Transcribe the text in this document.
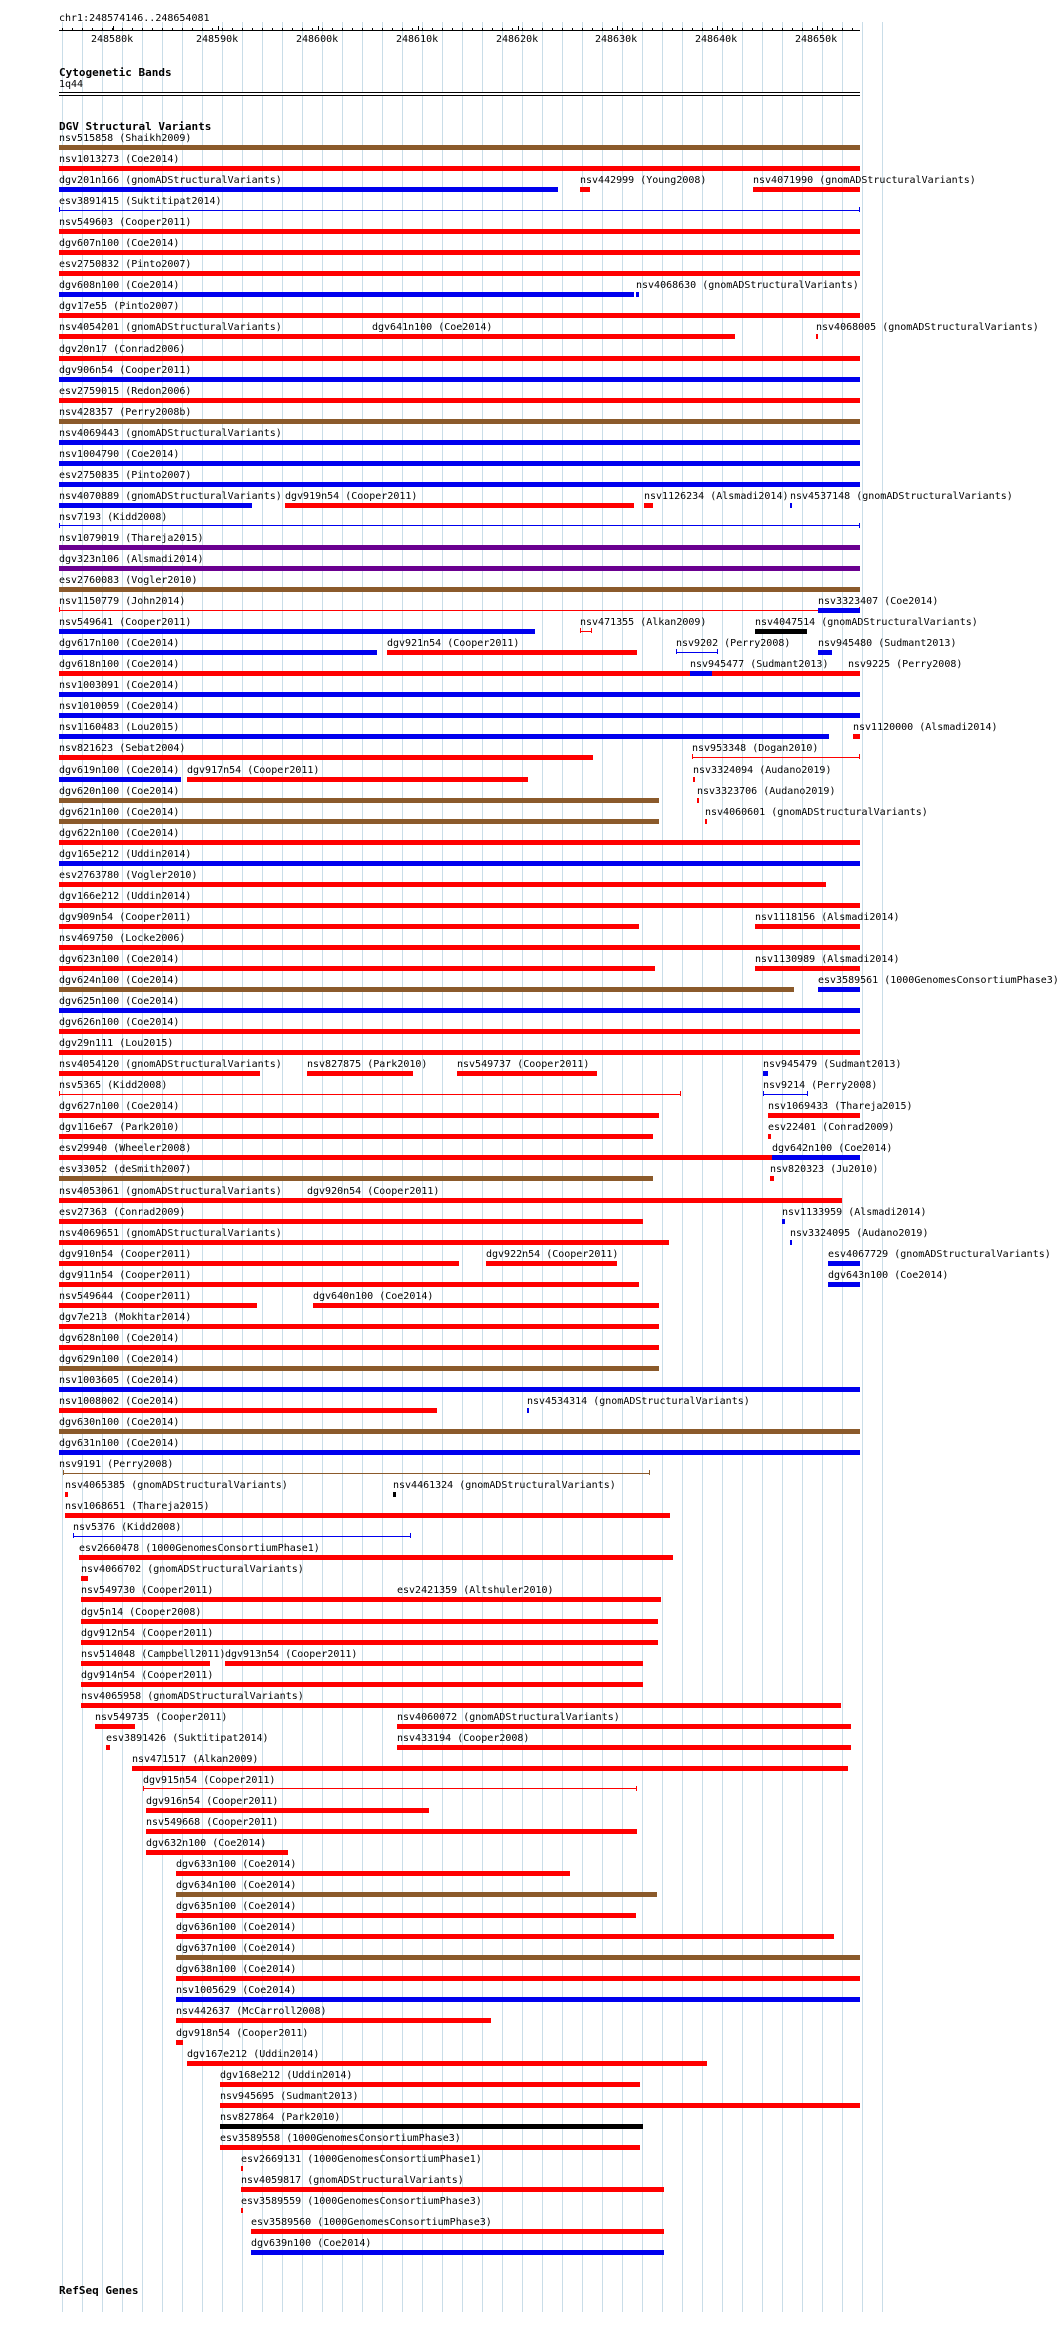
chr1:248574146..248654081
248580k	248590k	248600k	248610k	248620k	248630k	248640k	248650k
Cytogenetic Bands
1q44
DGV Structural Variants
nsv515858 (Shaikh2009)
nsv1013273 (Coe2014)
dgv201n166 (gnomADStructuralVariants)	nsv442999 (Young2008)	nsv4071990 (gnomADStructuralVariants)
esv3891415 (Suktitipat2014)
nsv549603 (Cooper2011)
dgv607n100 (Coe2014)
esv2750832 (Pinto2007)
dgv608n100 (Coe2014)	nsv4068630 (gnomADStructuralVariants)
dgv17e55 (Pinto2007)
nsv4054201 (gnomADStructuralVariants)	dgv641n100 (Coe2014)	nsv4068005 (gnomADStructuralVariants)
dgv20n17 (Conrad2006)
dgv906n54 (Cooper2011)
esv2759015 (Redon2006)
nsv428357 (Perry2008b)
nsv4069443 (gnomADStructuralVariants)
nsv1004790 (Coe2014)
esv2750835 (Pinto2007)
nsv4070889 (gnomADStructuralVariants) dgv919n54 (Cooper2011)	nsv1126234 (Alsmadi2014) nsv4537148 (gnomADStructuralVariants)
nsv7193 (Kidd2008)
nsv1079019 (Thareja2015)
dgv323n106 (Alsmadi2014)
esv2760083 (Vogler2010)
nsv1150779 (John2014)	nsv3323407 (Coe2014)
nsv549641 (Cooper2011)	nsv471355 (Alkan2009)	nsv4047514 (gnomADStructuralVariants)
dgv617n100 (Coe2014)	dgv921n54 (Cooper2011)	nsv9202 (Perry2008)	nsv945480 (Sudmant2013)
dgv618n100 (Coe2014)	nsv945477 (Sudmant2013) nsv9225 (Perry2008)
nsv1003091 (Coe2014)
nsv1010059 (Coe2014)
nsv1160483 (Lou2015)	nsv1120000 (Alsmadi2014)
nsv821623 (Sebat2004)	nsv953348 (Dogan2010)
dgv619n100 (Coe2014) dgv917n54 (Cooper2011)	nsv3324094 (Audano2019)
dgv620n100 (Coe2014)	nsv3323706 (Audano2019)
dgv621n100 (Coe2014)	nsv4060601 (gnomADStructuralVariants)
dgv622n100 (Coe2014)
dgv165e212 (Uddin2014)
esv2763780 (Vogler2010)
dgv166e212 (Uddin2014)
dgv909n54 (Cooper2011)	nsv1118156 (Alsmadi2014)
nsv469750 (Locke2006)
dgv623n100 (Coe2014)	nsv1130989 (Alsmadi2014)
dgv624n100 (Coe2014)	esv3589561 (1000GenomesConsortiumPhase3)
dgv625n100 (Coe2014)
dgv626n100 (Coe2014)
dgv29n111 (Lou2015)
nsv4054120 (gnomADStructuralVariants)	nsv827875 (Park2010)	nsv549737 (Cooper2011)	nsv945479 (Sudmant2013)
nsv5365 (Kidd2008)	nsv9214 (Perry2008)
dgv627n100 (Coe2014)	nsv1069433 (Thareja2015)
dgv116e67 (Park2010)	esv22401 (Conrad2009)
esv29940 (Wheeler2008)	dgv642n100 (Coe2014)
esv33052 (deSmith2007)	nsv820323 (Ju2010)
nsv4053061 (gnomADStructuralVariants)	dgv920n54 (Cooper2011)
esv27363 (Conrad2009)	nsv1133959 (Alsmadi2014)
nsv4069651 (gnomADStructuralVariants)	nsv3324095 (Audano2019)
dgv910n54 (Cooper2011)	dgv922n54 (Cooper2011)	esv4067729 (gnomADStructuralVariants)
dgv911n54 (Cooper2011)	dgv643n100 (Coe2014)
nsv549644 (Cooper2011)	dgv640n100 (Coe2014)
dgv7e213 (Mokhtar2014)
dgv628n100 (Coe2014)
dgv629n100 (Coe2014)
nsv1003605 (Coe2014)
nsv1008002 (Coe2014)	nsv4534314 (gnomADStructuralVariants)
dgv630n100 (Coe2014)
dgv631n100 (Coe2014)
nsv9191 (Perry2008)
nsv4065385 (gnomADStructuralVariants)	nsv4461324 (gnomADStructuralVariants)
nsv1068651 (Thareja2015)
nsv5376 (Kidd2008)
esv2660478 (1000GenomesConsortiumPhase1)
nsv4066702 (gnomADStructuralVariants)
nsv549730 (Cooper2011)	esv2421359 (Altshuler2010)
dgv5n14 (Cooper2008)
dgv912n54 (Cooper2011)
nsv514048 (Campbell2011) dgv913n54 (Cooper2011)
dgv914n54 (Cooper2011)
nsv4065958 (gnomADStructuralVariants)
nsv549735 (Cooper2011)	nsv4060072 (gnomADStructuralVariants)
esv3891426 (Suktitipat2014)	nsv433194 (Cooper2008)
nsv471517 (Alkan2009)
dgv915n54 (Cooper2011)
dgv916n54 (Cooper2011)
nsv549668 (Cooper2011)
dgv632n100 (Coe2014)
dgv633n100 (Coe2014)
dgv634n100 (Coe2014)
dgv635n100 (Coe2014)
dgv636n100 (Coe2014)
dgv637n100 (Coe2014)
dgv638n100 (Coe2014)
nsv1005629 (Coe2014)
nsv442637 (McCarroll2008)
dgv918n54 (Cooper2011)
dgv167e212 (Uddin2014)
dgv168e212 (Uddin2014)
nsv945695 (Sudmant2013)
nsv827864 (Park2010)
esv3589558 (1000GenomesConsortiumPhase3)
esv2669131 (1000GenomesConsortiumPhase1)
nsv4059817 (gnomADStructuralVariants)
esv3589559 (1000GenomesConsortiumPhase3)
esv3589560 (1000GenomesConsortiumPhase3)
dgv639n100 (Coe2014)
RefSeq Genes
